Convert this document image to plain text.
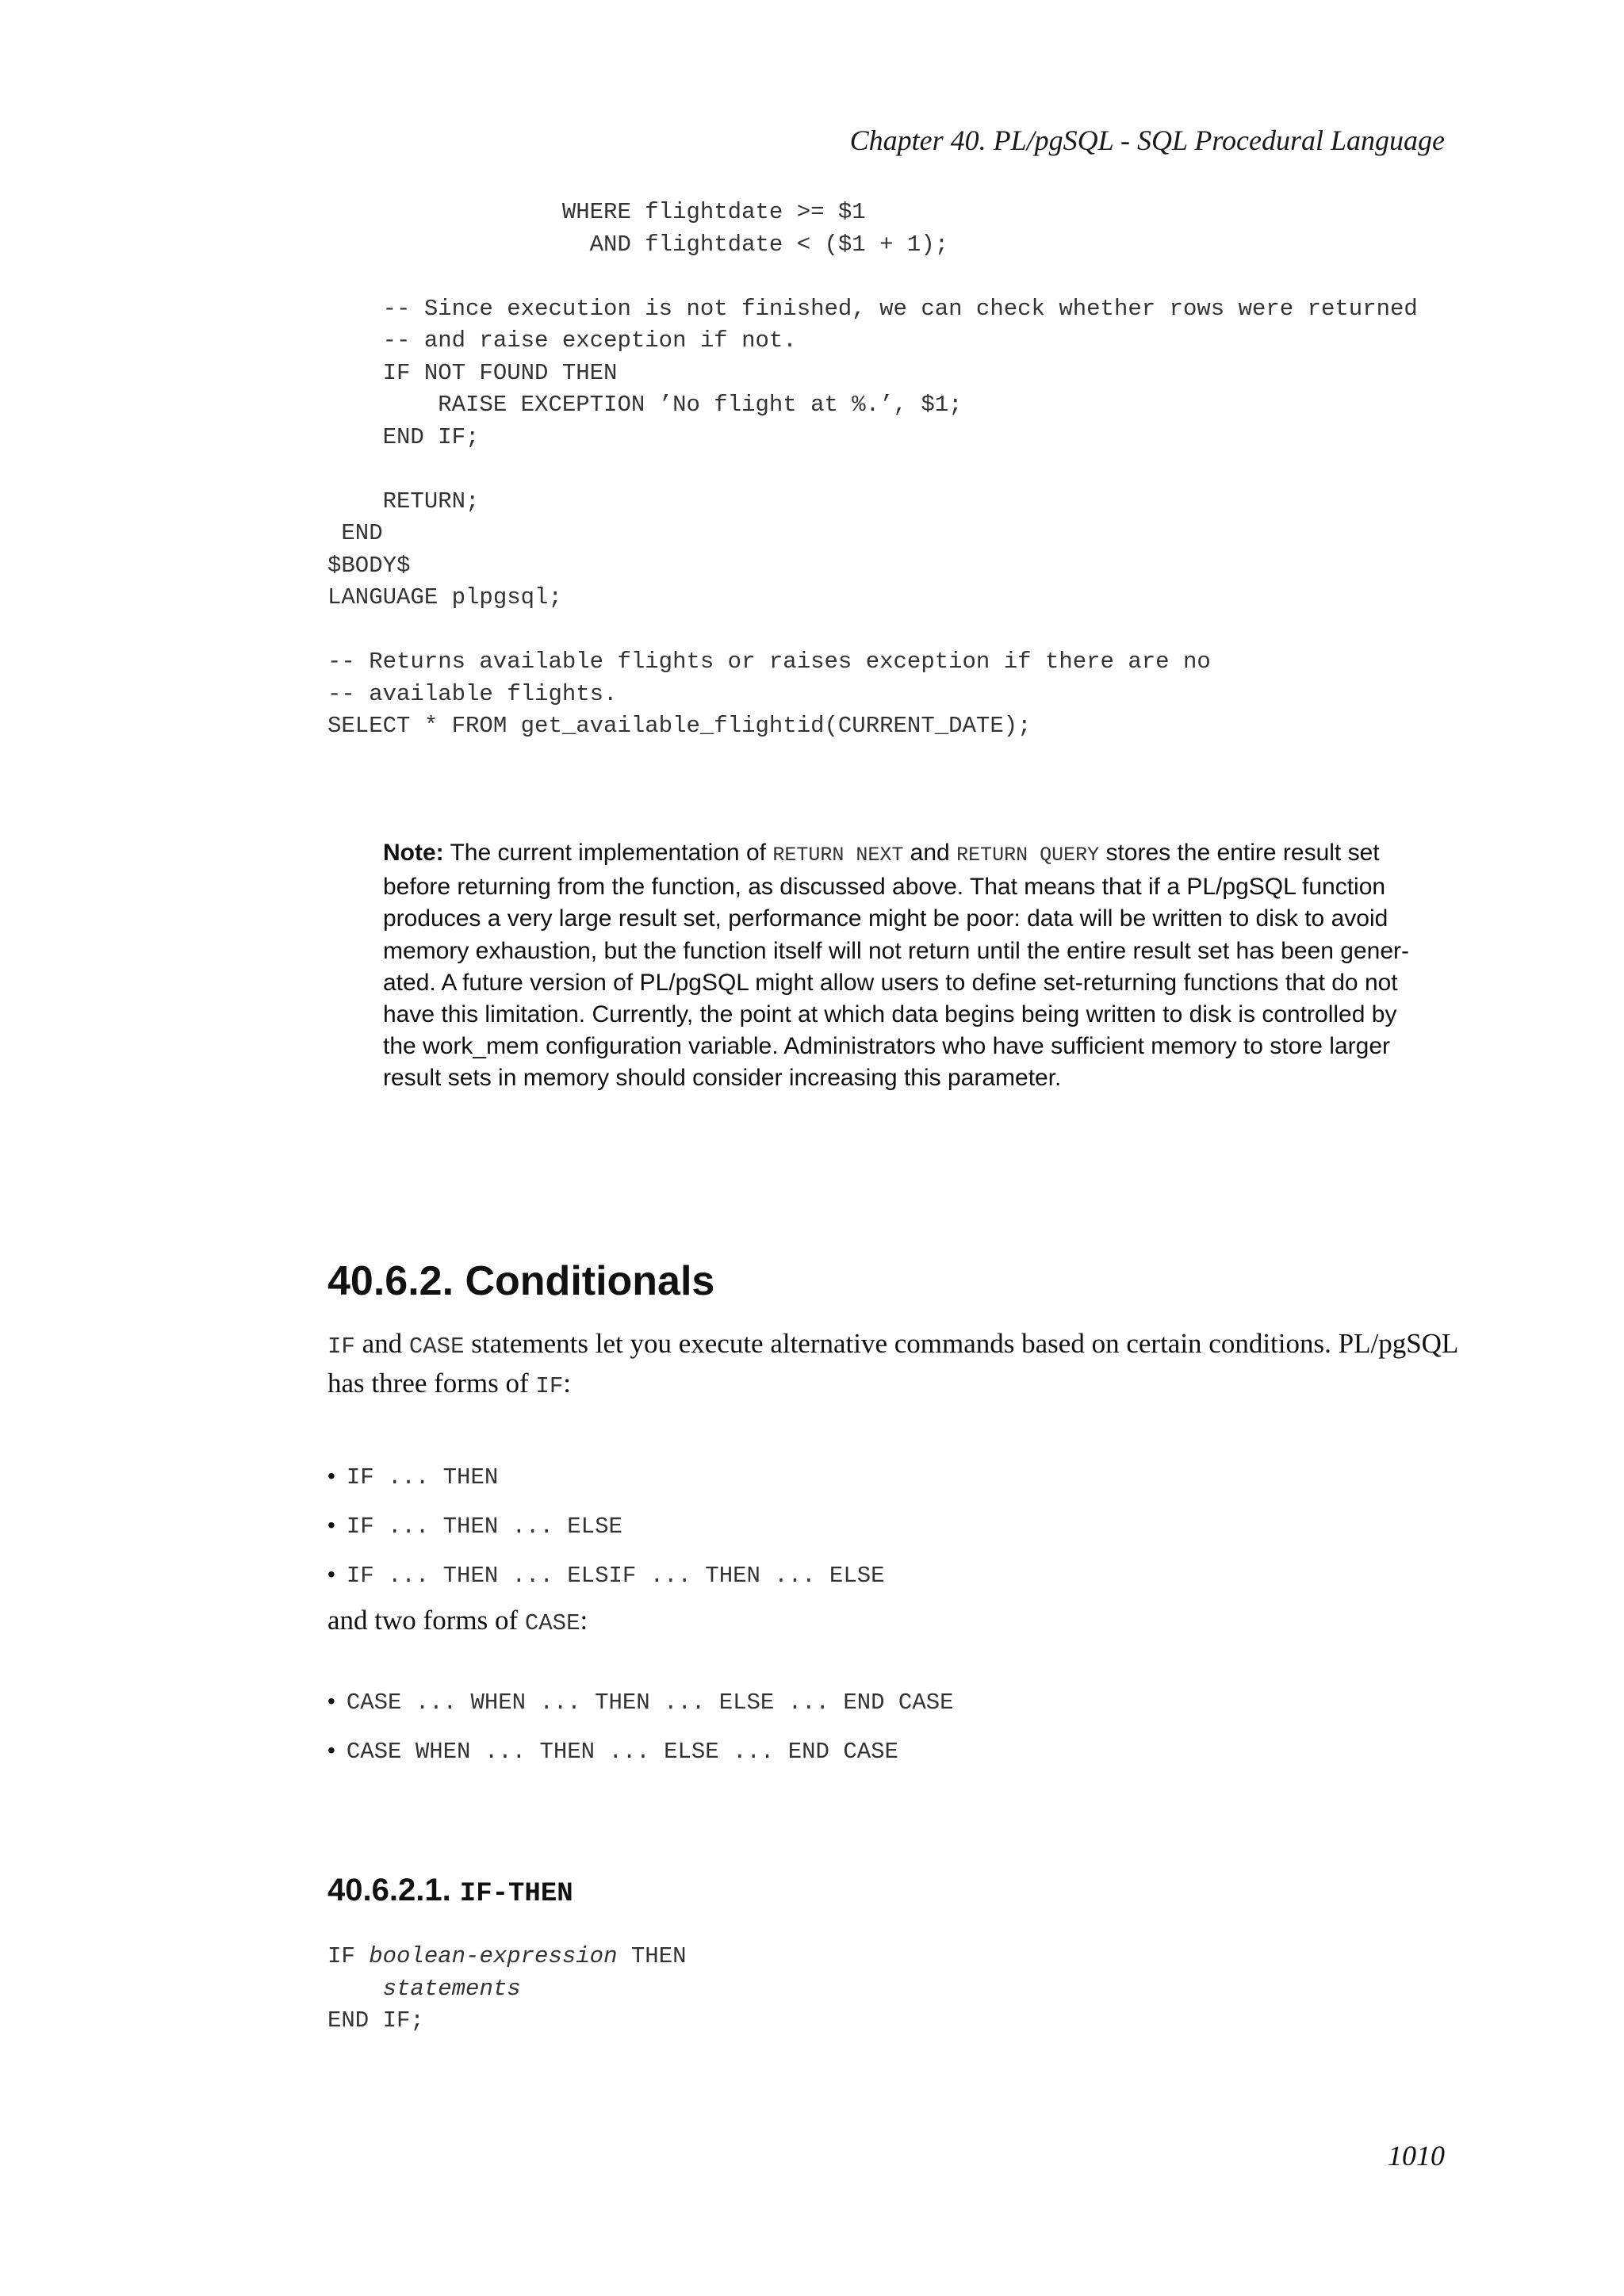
Chapter 40. PL/pgSQL - SQL Procedural Language
WHERE flightdate >= $1
AND flightdate < ($1 + 1);

-- Since execution is not finished, we can check whether rows were returned
-- and raise exception if not.
IF NOT FOUND THEN
RAISE EXCEPTION ’No flight at %.’, $1;
END IF;

RETURN;
END
$BODY$
LANGUAGE plpgsql;

-- Returns available flights or raises exception if there are no
-- available flights.
SELECT * FROM get_available_flightid(CURRENT_DATE);
Note: The current implementation of RETURN NEXT and RETURN QUERY stores the entire result set
before returning from the function, as discussed above. That means that if a PL/pgSQL function
produces a very large result set, performance might be poor: data will be written to disk to avoid
memory exhaustion, but the function itself will not return until the entire result set has been gener-
ated. A future version of PL/pgSQL might allow users to define set-returning functions that do not
have this limitation. Currently, the point at which data begins being written to disk is controlled by
the work_mem configuration variable. Administrators who have sufficient memory to store larger
result sets in memory should consider increasing this parameter.
40.6.2. Conditionals
IF and CASE statements let you execute alternative commands based on certain conditions. PL/pgSQL
has three forms of IF:
• IF ... THEN
• IF ... THEN ... ELSE
• IF ... THEN ... ELSIF ... THEN ... ELSE
and two forms of CASE:
• CASE ... WHEN ... THEN ... ELSE ... END CASE
• CASE WHEN ... THEN ... ELSE ... END CASE
40.6.2.1. IF-THEN
IF boolean-expression THEN
statements
END IF;
1010
